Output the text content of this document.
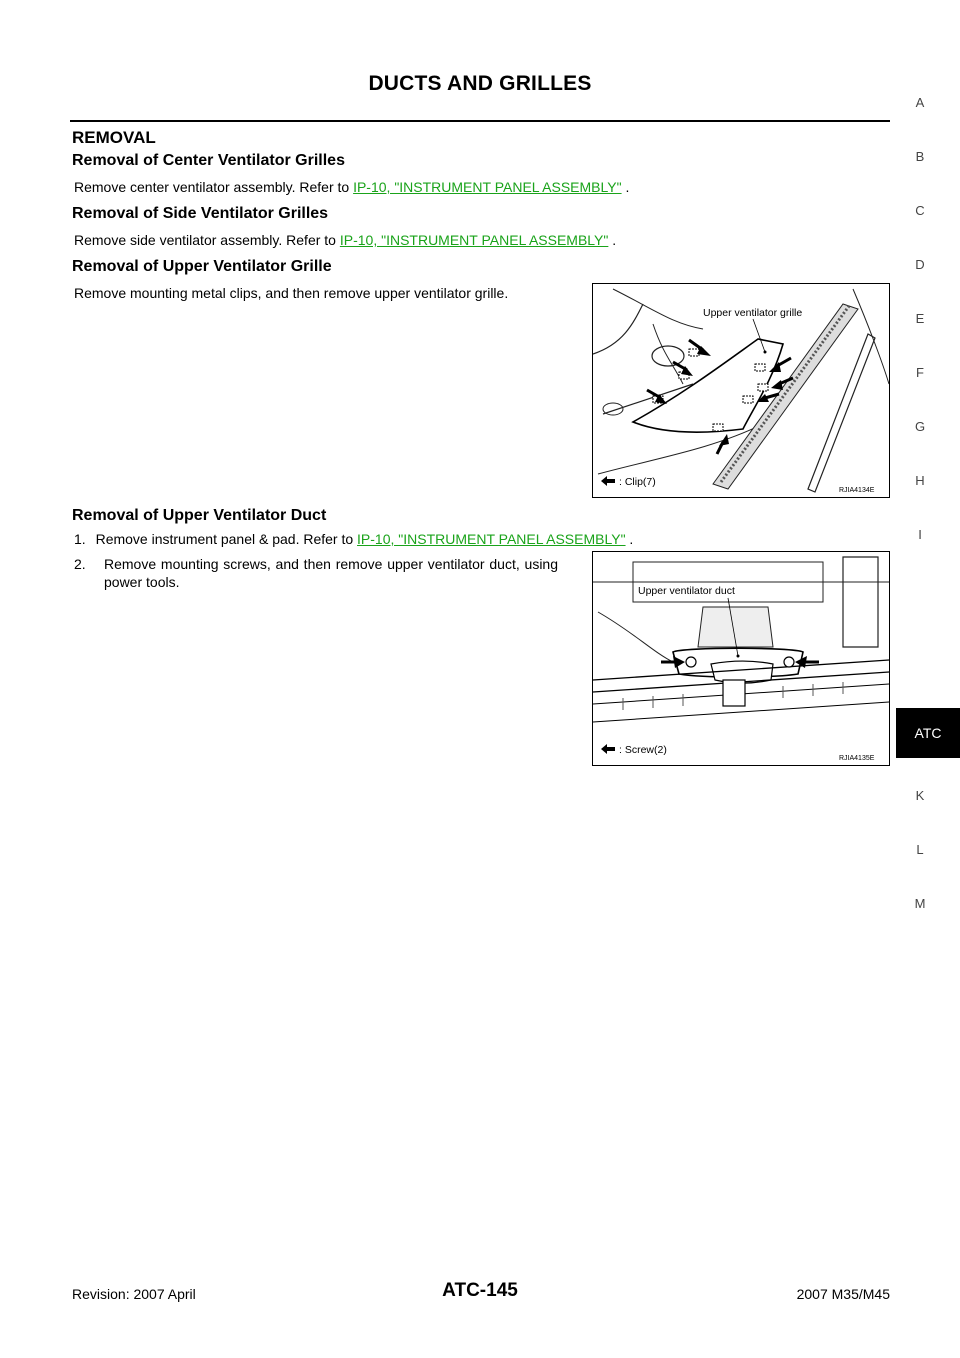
DUCTS AND GRILLES
REMOVAL
Removal of Center Ventilator Grilles
Remove center ventilator assembly. Refer to IP-10, "INSTRUMENT PANEL ASSEMBLY" .
Removal of Side Ventilator Grilles
Remove side ventilator assembly. Refer to IP-10, "INSTRUMENT PANEL ASSEMBLY" .
Removal of Upper Ventilator Grille
Remove mounting metal clips, and then remove upper ventilator grille.
Upper ventilator grille
: Clip(7)
RJIA4134E
Removal of Upper Ventilator Duct
1. Remove instrument panel & pad. Refer to IP-10, "INSTRUMENT PANEL ASSEMBLY" .
2. Remove mounting screws, and then remove upper ventilator duct, using power tools.
Upper ventilator duct
: Screw(2)
RJIA4135E
A
B
C
D
E
F
G
H
I
ATC
K
L
M
Revision: 2007 April	ATC-145	2007 M35/M45
